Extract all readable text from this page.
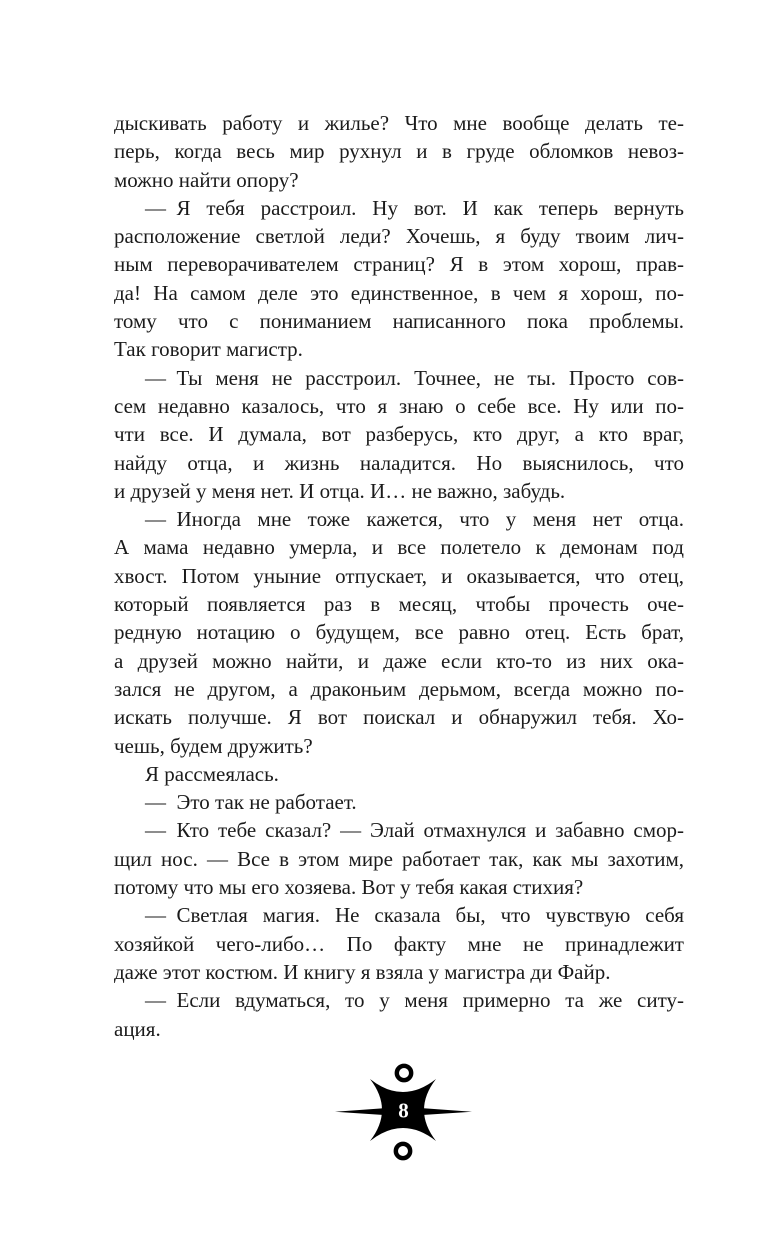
дыскивать работу и жилье? Что мне вообще делать те-
перь, когда весь мир рухнул и в груде обломков невоз-
можно найти опору?
— Я тебя расстроил. Ну вот. И как теперь вернуть
расположение светлой леди? Хочешь, я буду твоим лич-
ным переворачивателем страниц? Я в этом хорош, прав-
да! На самом деле это единственное, в чем я хорош, по-
тому что с пониманием написанного пока проблемы.
Так говорит магистр.
— Ты меня не расстроил. Точнее, не ты. Просто сов-
сем недавно казалось, что я знаю о себе все. Ну или по-
чти все. И думала, вот разберусь, кто друг, а кто враг,
найду отца, и жизнь наладится. Но выяснилось, что
и друзей у меня нет. И отца. И… не важно, забудь.
— Иногда мне тоже кажется, что у меня нет отца.
А мама недавно умерла, и все полетело к демонам под
хвост. Потом уныние отпускает, и оказывается, что отец,
который появляется раз в месяц, чтобы прочесть оче-
редную нотацию о будущем, все равно отец. Есть брат,
а друзей можно найти, и даже если кто-то из них ока-
зался не другом, а драконьим дерьмом, всегда можно по-
искать получше. Я вот поискал и обнаружил тебя. Хо-
чешь, будем дружить?
Я рассмеялась.
— Это так не работает.
— Кто тебе сказал? — Элай отмахнулся и забавно смор-
щил нос. — Все в этом мире работает так, как мы захотим,
потому что мы его хозяева. Вот у тебя какая стихия?
— Светлая магия. Не сказала бы, что чувствую себя
хозяйкой чего-либо… По факту мне не принадлежит
даже этот костюм. И книгу я взяла у магистра ди Файр.
— Если вдуматься, то у меня примерно та же ситу-
ация.
8
